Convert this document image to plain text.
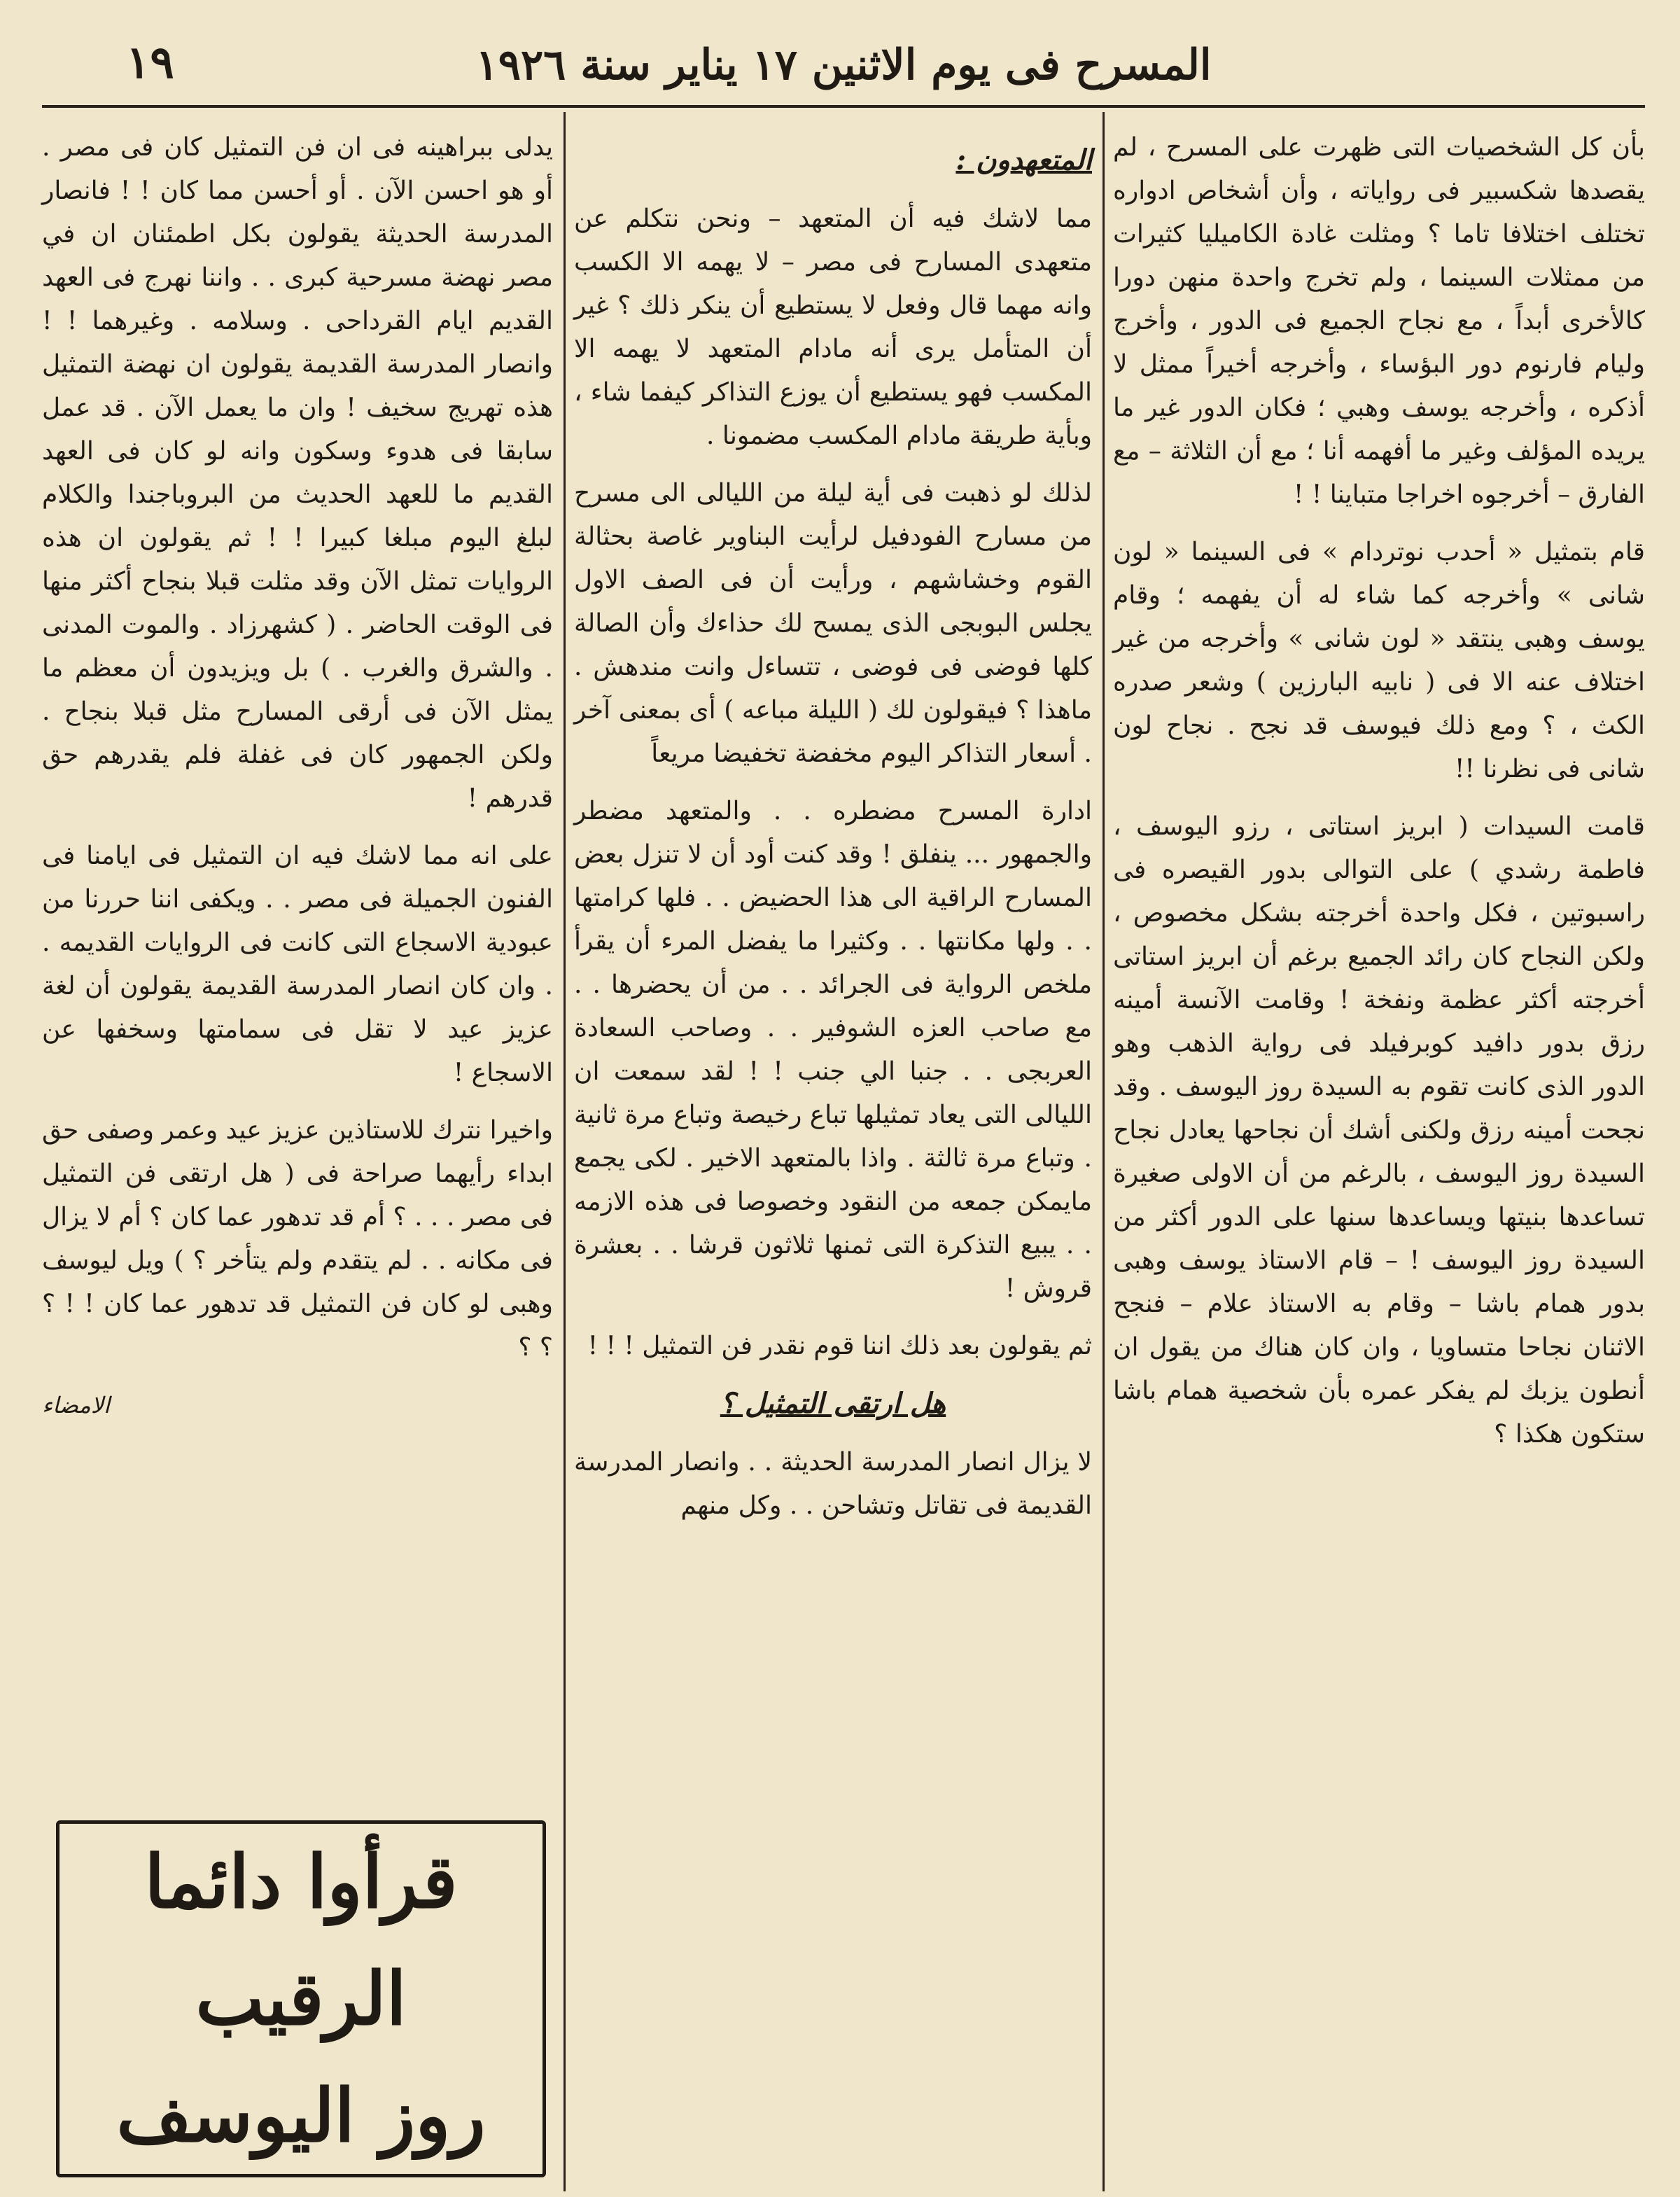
١٩	المسرح فى يوم الاثنين ١٧ يناير سنة ١٩٢٦

بأن كل الشخصيات التى ظهرت على المسرح ، لم يقصدها شكسبير فى رواياته ، وأن أشخاص ادواره تختلف اختلافا تاما ؟ ومثلت غادة الكاميليا كثيرات من ممثلات السينما ، ولم تخرج واحدة منهن دورا كالأخرى أبداً ، مع نجاح الجميع فى الدور ، وأخرج وليام فارنوم دور البؤساء ، وأخرجه أخيراً ممثل لا أذكره ، وأخرجه يوسف وهبي ؛ فكان الدور غير ما يريده المؤلف وغير ما أفهمه أنا ؛ مع أن الثلاثة – مع الفارق – أخرجوه اخراجا متباينا ! !

قام بتمثيل « أحدب نوتردام » فى السينما « لون شانى » وأخرجه كما شاء له أن يفهمه ؛ وقام يوسف وهبى ينتقد « لون شانى » وأخرجه من غير اختلاف عنه الا فى ( نابيه البارزين ) وشعر صدره الكث ، ؟ ومع ذلك فيوسف قد نجح . نجاح لون شانى فى نظرنا !!

قامت السيدات ( ابريز استاتى ، رزو اليوسف ، فاطمة رشدي ) على التوالى بدور القيصره فى راسبوتين ، فكل واحدة أخرجته بشكل مخصوص ، ولكن النجاح كان رائد الجميع برغم أن ابريز استاتى أخرجته أكثر عظمة ونفخة ! وقامت الآنسة أمينه رزق بدور دافيد كوبرفيلد فى رواية الذهب وهو الدور الذى كانت تقوم به السيدة روز اليوسف . وقد نجحت أمينه رزق ولكنى أشك أن نجاحها يعادل نجاح السيدة روز اليوسف ، بالرغم من أن الاولى صغيرة تساعدها بنيتها ويساعدها سنها على الدور أكثر من السيدة روز اليوسف ! – قام الاستاذ يوسف وهبى بدور همام باشا – وقام به الاستاذ علام – فنجح الاثنان نجاحا متساويا ، وان كان هناك من يقول ان أنطون يزبك لم يفكر عمره بأن شخصية همام باشا ستكون هكذا ؟

المتعهدون :

مما لاشك فيه أن المتعهد – ونحن نتكلم عن متعهدى المسارح فى مصر – لا يهمه الا الكسب وانه مهما قال وفعل لا يستطيع أن ينكر ذلك ؟ غير أن المتأمل يرى أنه مادام المتعهد لا يهمه الا المكسب فهو يستطيع أن يوزع التذاكر كيفما شاء ، وبأية طريقة مادام المكسب مضمونا .

لذلك لو ذهبت فى أية ليلة من الليالى الى مسرح من مسارح الفودفيل لرأيت البناوير غاصة بحثالة القوم وخشاشهم ، ورأيت أن فى الصف الاول يجلس البوبجى الذى يمسح لك حذاءك وأن الصالة كلها فوضى فى فوضى ، تتساءل وانت مندهش . ماهذا ؟ فيقولون لك ( الليلة مباعه ) أى بمعنى آخر . أسعار التذاكر اليوم مخفضة تخفيضا مريعاً

ادارة المسرح مضطره . . والمتعهد مضطر والجمهور ... ينفلق ! وقد كنت أود أن لا تنزل بعض المسارح الراقية الى هذا الحضيض . . فلها كرامتها . . ولها مكانتها . . وكثيرا ما يفضل المرء أن يقرأ ملخص الرواية فى الجرائد . . من أن يحضرها . . مع صاحب العزه الشوفير . . وصاحب السعادة العربجى . . جنبا الي جنب ! ! لقد سمعت ان الليالى التى يعاد تمثيلها تباع رخيصة وتباع مرة ثانية . وتباع مرة ثالثة . واذا بالمتعهد الاخير . لكى يجمع مايمكن جمعه من النقود وخصوصا فى هذه الازمه . . يبيع التذكرة التى ثمنها ثلاثون قرشا . . بعشرة قروش !

ثم يقولون بعد ذلك اننا قوم نقدر فن التمثيل ! ! !

هل ارتقى التمثيل ؟

لا يزال انصار المدرسة الحديثة . . وانصار المدرسة القديمة فى تقاتل وتشاحن . . وكل منهم

يدلى ببراهينه فى ان فن التمثيل كان فى مصر . أو هو احسن الآن . أو أحسن مما كان ! ! فانصار المدرسة الحديثة يقولون بكل اطمئنان ان في مصر نهضة مسرحية كبرى . . واننا نهرج فى العهد القديم ايام القرداحى . وسلامه . وغيرهما ! ! وانصار المدرسة القديمة يقولون ان نهضة التمثيل هذه تهريج سخيف ! وان ما يعمل الآن . قد عمل سابقا فى هدوء وسكون وانه لو كان فى العهد القديم ما للعهد الحديث من البروباجندا والكلام لبلغ اليوم مبلغا كبيرا ! ! ثم يقولون ان هذه الروايات تمثل الآن وقد مثلت قبلا بنجاح أكثر منها فى الوقت الحاضر . ( كشهرزاد . والموت المدنى . والشرق والغرب . ) بل ويزيدون أن معظم ما يمثل الآن فى أرقى المسارح مثل قبلا بنجاح . ولكن الجمهور كان فى غفلة فلم يقدرهم حق قدرهم !

على انه مما لاشك فيه ان التمثيل فى ايامنا فى الفنون الجميلة فى مصر . . ويكفى اننا حررنا من عبودية الاسجاع التى كانت فى الروايات القديمه . . وان كان انصار المدرسة القديمة يقولون أن لغة عزيز عيد لا تقل فى سمامتها وسخفها عن الاسجاع !

واخيرا نترك للاستاذين عزيز عيد وعمر وصفى حق ابداء رأيهما صراحة فى ( هل ارتقى فن التمثيل فى مصر . . . ؟ أم قد تدهور عما كان ؟ أم لا يزال فى مكانه . . لم يتقدم ولم يتأخر ؟ ) ويل ليوسف وهبى لو كان فن التمثيل قد تدهور عما كان ! ! ؟ ؟ ؟

الامضاء
قرأوا دائما
الرقيب
روز اليوسف
